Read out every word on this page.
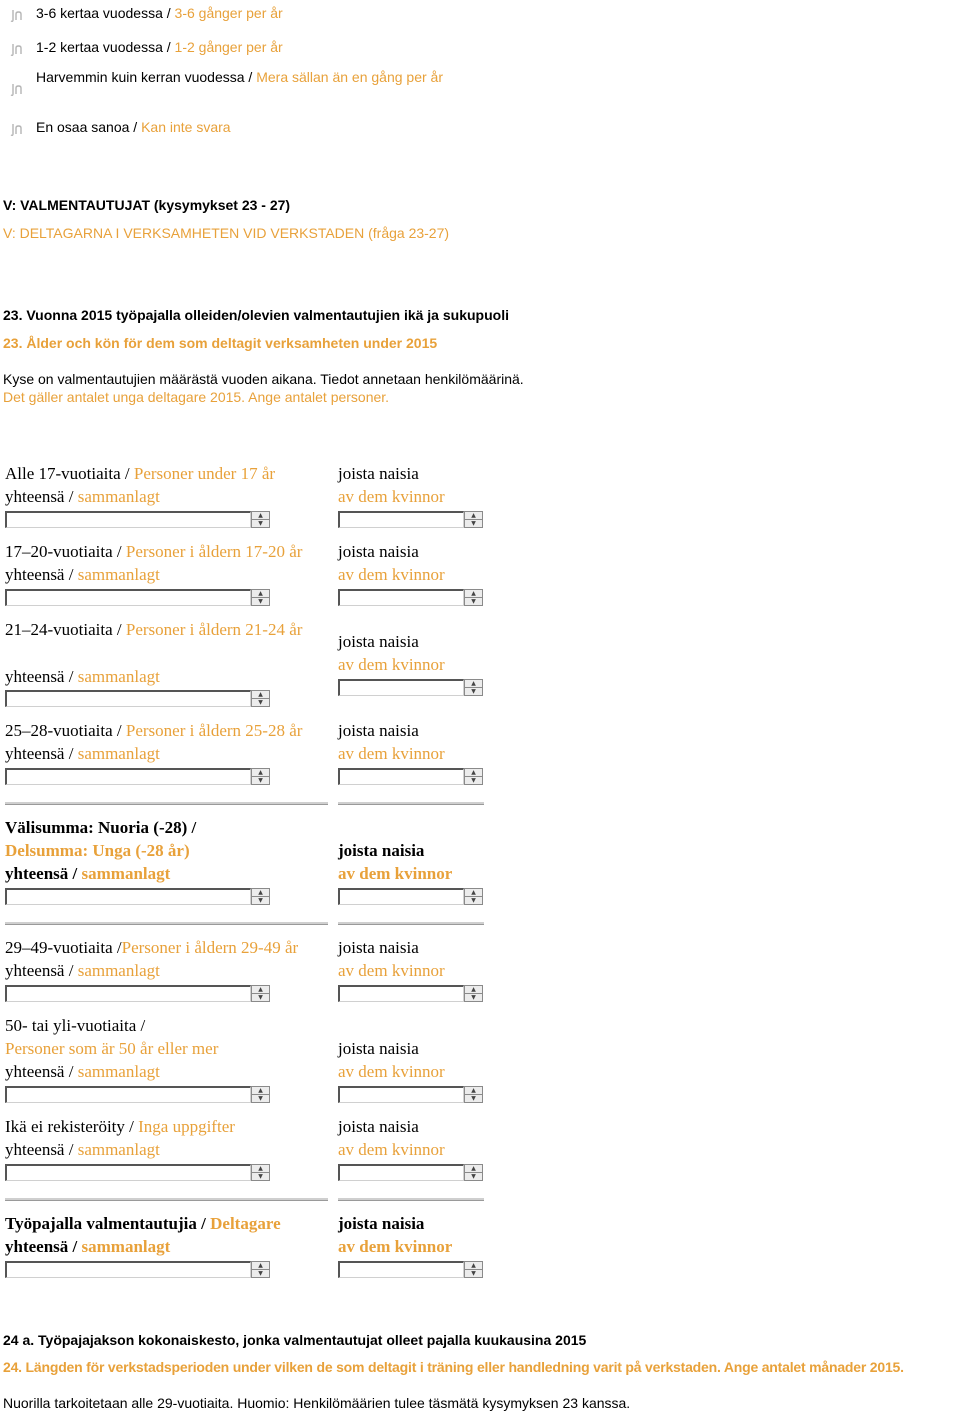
3-6 kertaa vuodessa / 3-6 gånger per år
1-2 kertaa vuodessa / 1-2 gånger per år
Harvemmin kuin kerran vuodessa / Mera sällan än en gång per år
En osaa sanoa / Kan inte svara
V: VALMENTAUTUJAT (kysymykset 23 - 27)
V: DELTAGARNA I VERKSAMHETEN VID VERKSTADEN (fråga 23-27)
23. Vuonna 2015 työpajalla olleiden/olevien valmentautujien ikä ja sukupuoli
23. Ålder och kön för dem som deltagit verksamheten under 2015
Kyse on valmentautujien määrästä vuoden aikana. Tiedot annetaan henkilömäärinä.
Det gäller antalet unga deltagare 2015. Ange antalet personer.
Alle 17-vuotiaita / Personer under 17 år
yhteensä / sammanlagt
joista naisia
av dem kvinnor
▲
▼
▲
▼
17–20-vuotiaita / Personer i åldern 17-20 år
yhteensä / sammanlagt
joista naisia
av dem kvinnor
▲
▼
▲
▼
21–24-vuotiaita / Personer i åldern 21-24 år
yhteensä / sammanlagt
joista naisia
av dem kvinnor
▲
▼
▲
▼
25–28-vuotiaita / Personer i åldern 25-28 år
yhteensä / sammanlagt
joista naisia
av dem kvinnor
▲
▼
▲
▼
Välisumma: Nuoria (-28) /
Delsumma: Unga (-28 år)
yhteensä / sammanlagt
joista naisia
av dem kvinnor
▲
▼
▲
▼
29–49-vuotiaita /Personer i åldern 29-49 år
yhteensä / sammanlagt
joista naisia
av dem kvinnor
▲
▼
▲
▼
50- tai yli-vuotiaita /
Personer som är 50 år eller mer
yhteensä / sammanlagt
joista naisia
av dem kvinnor
▲
▼
▲
▼
Ikä ei rekisteröity / Inga uppgifter
yhteensä / sammanlagt
joista naisia
av dem kvinnor
▲
▼
▲
▼
Työpajalla valmentautujia / Deltagare
yhteensä / sammanlagt
joista naisia
av dem kvinnor
▲
▼
▲
▼
24 a. Työpajajakson kokonaiskesto, jonka valmentautujat olleet pajalla kuukausina 2015
24. Längden för verkstadsperioden under vilken de som deltagit i träning eller handledning varit på verkstaden. Ange antalet månader 2015.
Nuorilla tarkoitetaan alle 29-vuotiaita. Huomio: Henkilömäärien tulee täsmätä kysymyksen 23 kanssa.
